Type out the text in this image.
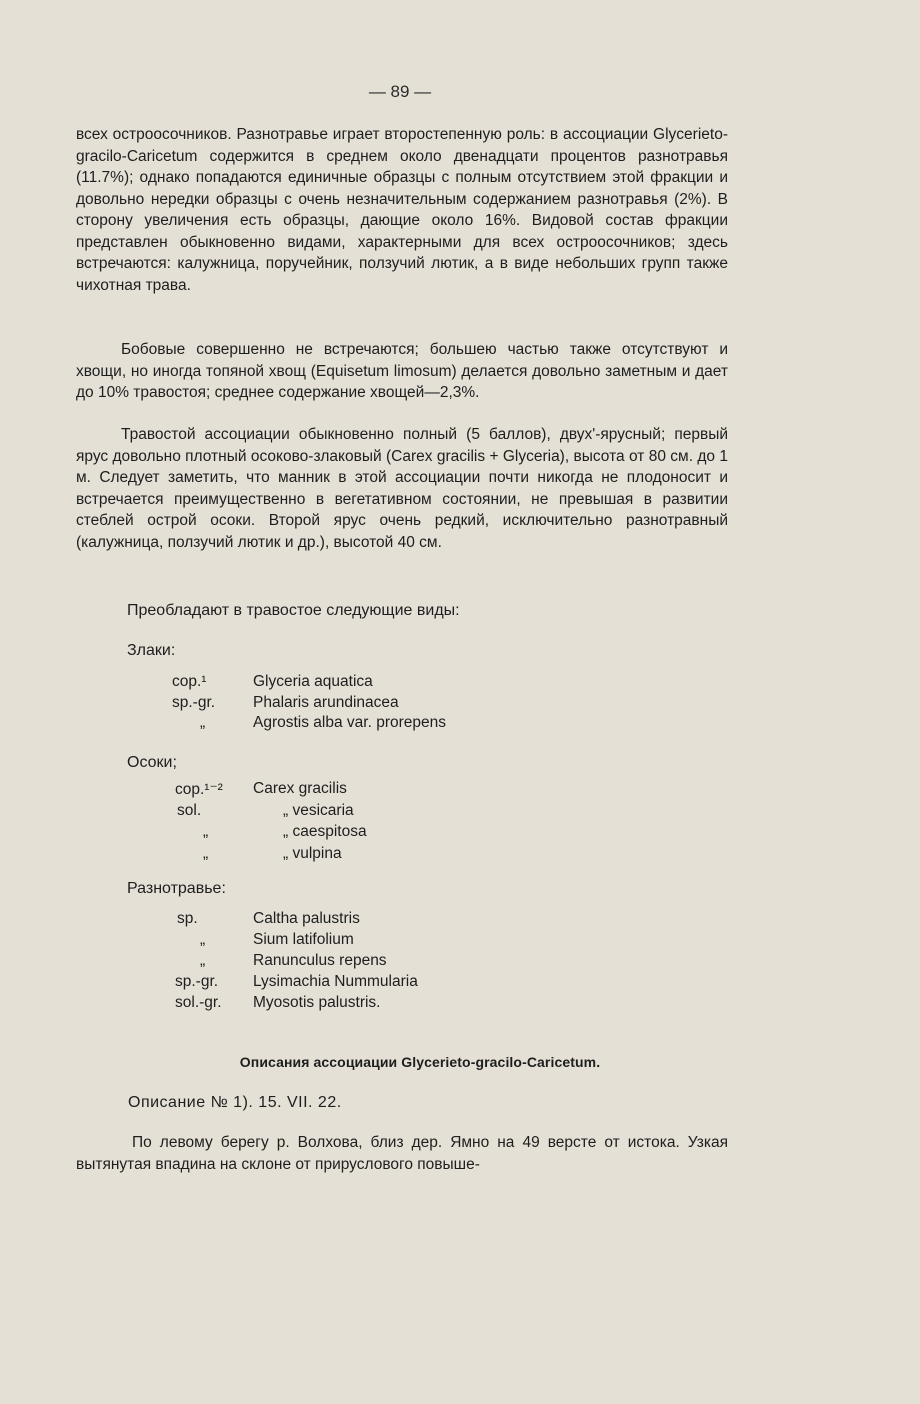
— 89 —

всех остроосочников. Разнотравье играет второстепенную роль: в ассоциации Glycerieto-gracilo-Caricetum содержится в среднем около двенадцати процентов разнотравья (11.7%); однако попадаются единичные образцы с полным отсутствием этой фракции и довольно нередки образцы с очень незначительным содержанием разнотравья (2%). В сторону увеличения есть образцы, дающие около 16%. Видовой состав фракции представлен обыкновенно видами, характерными для всех остроосочников; здесь встречаются: калужница, поручейник, ползучий лютик, а в виде небольших групп также чихотная трава.

Бобовые совершенно не встречаются; большею частью также отсутствуют и хвощи, но иногда топяной хвощ (Equisetum limosum) делается довольно заметным и дает до 10% травостоя; среднее содержание хвощей—2,3%.

Травостой ассоциации обыкновенно полный (5 баллов), двух'-ярусный; первый ярус довольно плотный осоково-злаковый (Carex gracilis + Glyceria), высота от 80 см. до 1 м. Следует заметить, что манник в этой ассоциации почти никогда не плодоносит и встречается преимущественно в вегетативном состоянии, не превышая в развитии стеблей острой осоки. Второй ярус очень редкий, исключительно разнотравный (калужница, ползучий лютик и др.), высотой 40 см.

Преобладают в травостое следующие виды:
Злаки:
cop.¹	Glyceria aquatica
sp.-gr.	Phalaris arundinacea
„	Agrostis alba var. prorepens
Осоки;
cop.¹⁻²	Carex gracilis
sol.	„ vesicaria
„	„ caespitosa
„	„ vulpina
Разнотравье:
sp.	Caltha palustris
„	Sium latifolium
„	Ranunculus repens
sp.-gr.	Lysimachia Nummularia
sol.-gr.	Myosotis palustris.
Описания ассоциации Glycerieto-gracilo-Caricetum.
Описание № 1). 15. VII. 22.

По левому берегу р. Волхова, близ дер. Ямно на 49 версте от истока. Узкая вытянутая впадина на склоне от прируслового повыше-
